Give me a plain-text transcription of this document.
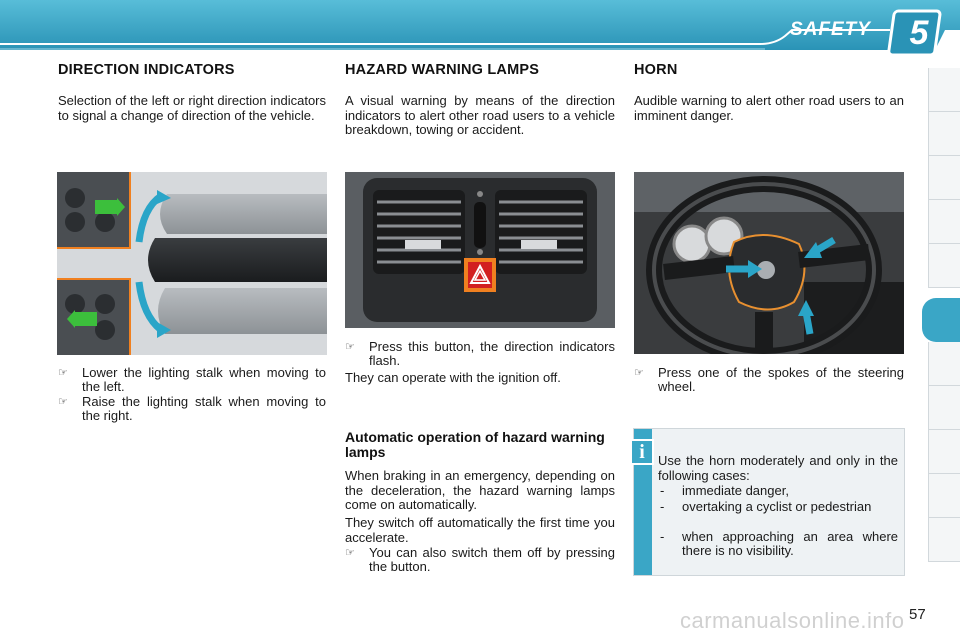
SAFETY	5
DIRECTION INDICATORS
Selection of the left or right direction indicators to signal a change of direction of the vehicle.
☞ Lower the lighting stalk when moving to the left.
☞ Raise the lighting stalk when moving to the right.
HAZARD WARNING LAMPS
A visual warning by means of the direction indicators to alert other road users to a vehicle breakdown, towing or accident.
☞ Press this button, the direction indicators flash.
They can operate with the ignition off.
Automatic operation of hazard warning lamps
When braking in an emergency, depending on the deceleration, the hazard warning lamps come on automatically.
They switch off automatically the first time you accelerate.
☞ You can also switch them off by pressing the button.
HORN
Audible warning to alert other road users to an imminent danger.
☞ Press one of the spokes of the steering wheel.
i	Use the horn moderately and only in the following cases:
- immediate danger,
- overtaking a cyclist or pedestrian
- when approaching an area where there is no visibility.
carmanualsonline.info 57
